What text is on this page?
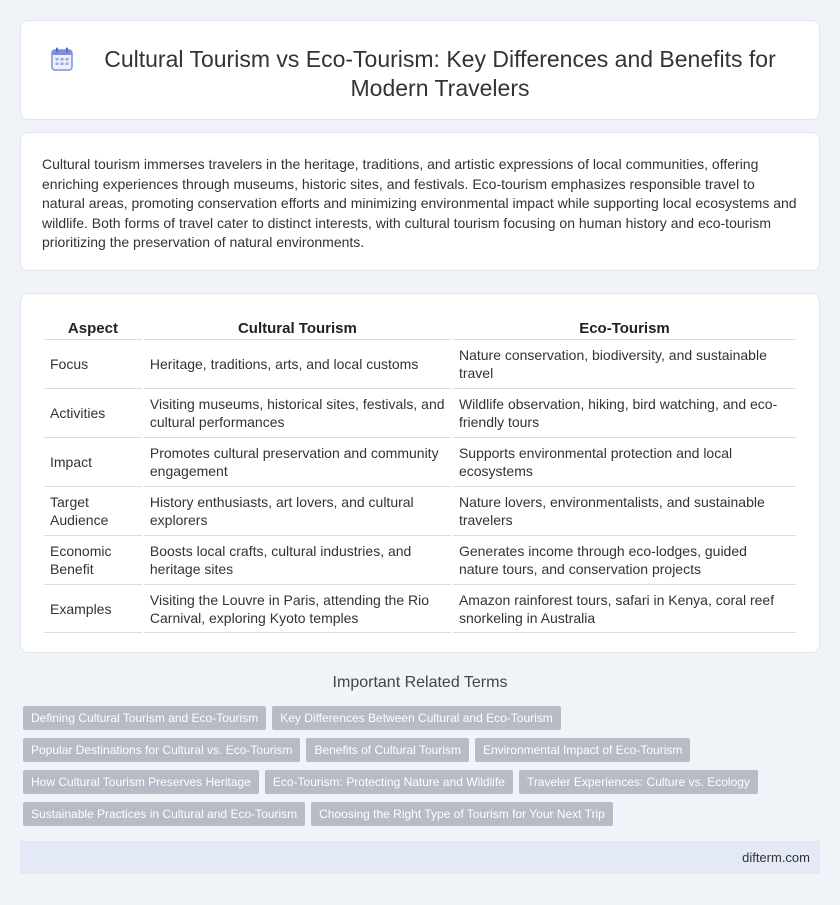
Cultural Tourism vs Eco-Tourism: Key Differences and Benefits for Modern Travelers

Cultural tourism immerses travelers in the heritage, traditions, and artistic expressions of local communities, offering enriching experiences through museums, historic sites, and festivals. Eco-tourism emphasizes responsible travel to natural areas, promoting conservation efforts and minimizing environmental impact while supporting local ecosystems and wildlife. Both forms of travel cater to distinct interests, with cultural tourism focusing on human history and eco-tourism prioritizing the preservation of natural environments.

Aspect	Cultural Tourism	Eco-Tourism
Focus	Heritage, traditions, arts, and local customs	Nature conservation, biodiversity, and sustainable travel
Activities	Visiting museums, historical sites, festivals, and cultural performances	Wildlife observation, hiking, bird watching, and eco-friendly tours
Impact	Promotes cultural preservation and community engagement	Supports environmental protection and local ecosystems
Target Audience	History enthusiasts, art lovers, and cultural explorers	Nature lovers, environmentalists, and sustainable travelers
Economic Benefit	Boosts local crafts, cultural industries, and heritage sites	Generates income through eco-lodges, guided nature tours, and conservation projects
Examples	Visiting the Louvre in Paris, attending the Rio Carnival, exploring Kyoto temples	Amazon rainforest tours, safari in Kenya, coral reef snorkeling in Australia
Important Related Terms
Defining Cultural Tourism and Eco-Tourism	Key Differences Between Cultural and Eco-Tourism
Popular Destinations for Cultural vs. Eco-Tourism	Benefits of Cultural Tourism	Environmental Impact of Eco-Tourism
How Cultural Tourism Preserves Heritage	Eco-Tourism: Protecting Nature and Wildlife	Traveler Experiences: Culture vs. Ecology
Sustainable Practices in Cultural and Eco-Tourism	Choosing the Right Type of Tourism for Your Next Trip
difterm.com
